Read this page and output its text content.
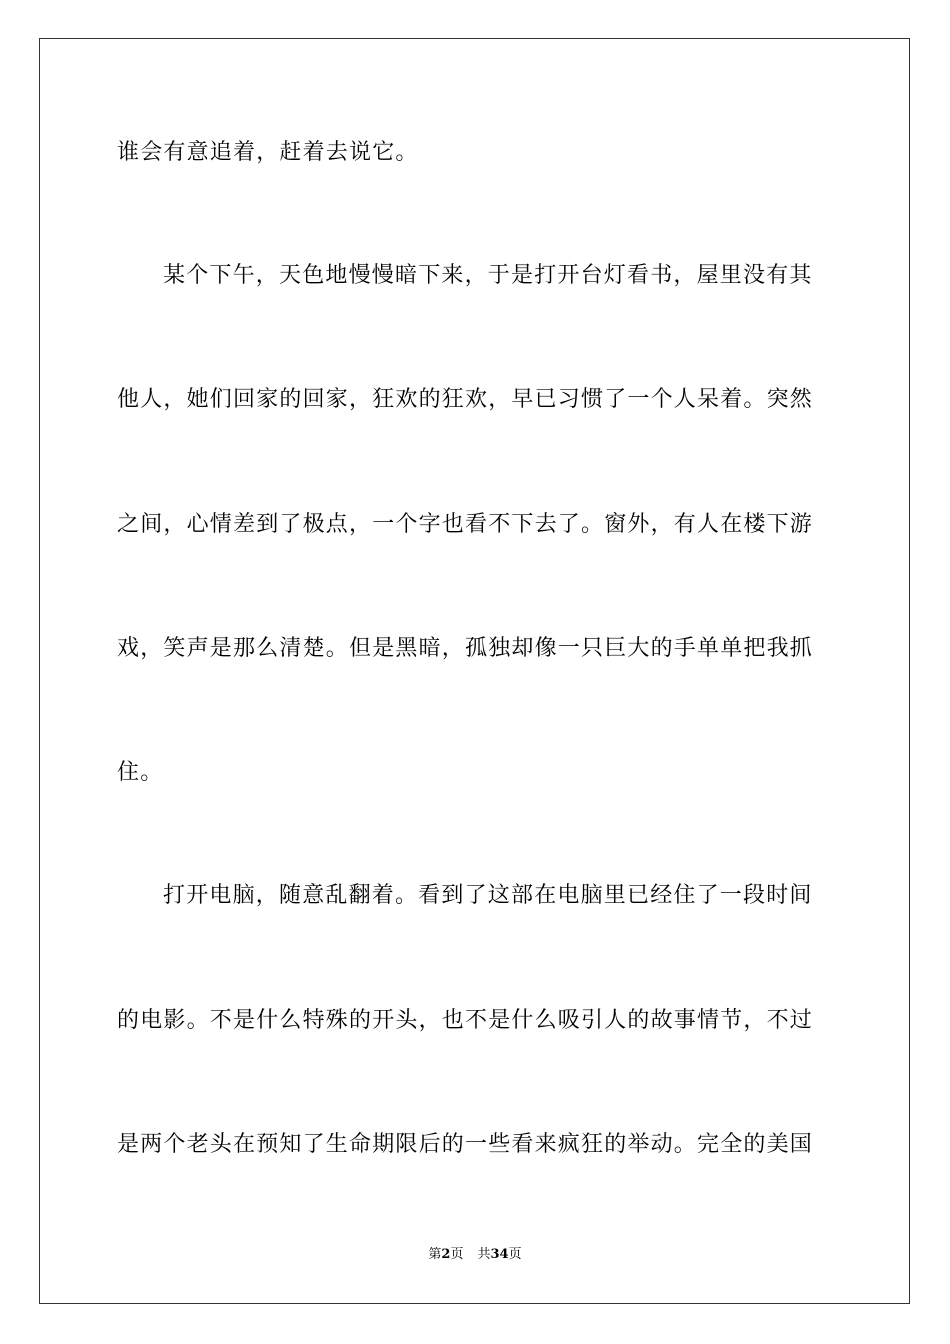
谁会有意追着，赶着去说它。
某个下午，天色地慢慢暗下来，于是打开台灯看书，屋里没有其
他人，她们回家的回家，狂欢的狂欢，早已习惯了一个人呆着。突然
之间，心情差到了极点，一个字也看不下去了。窗外，有人在楼下游
戏，笑声是那么清楚。但是黑暗，孤独却像一只巨大的手单单把我抓
住。
打开电脑，随意乱翻着。看到了这部在电脑里已经住了一段时间
的电影。不是什么特殊的开头，也不是什么吸引人的故事情节，不过
是两个老头在预知了生命期限后的一些看来疯狂的举动。完全的美国
第2页 共34页
